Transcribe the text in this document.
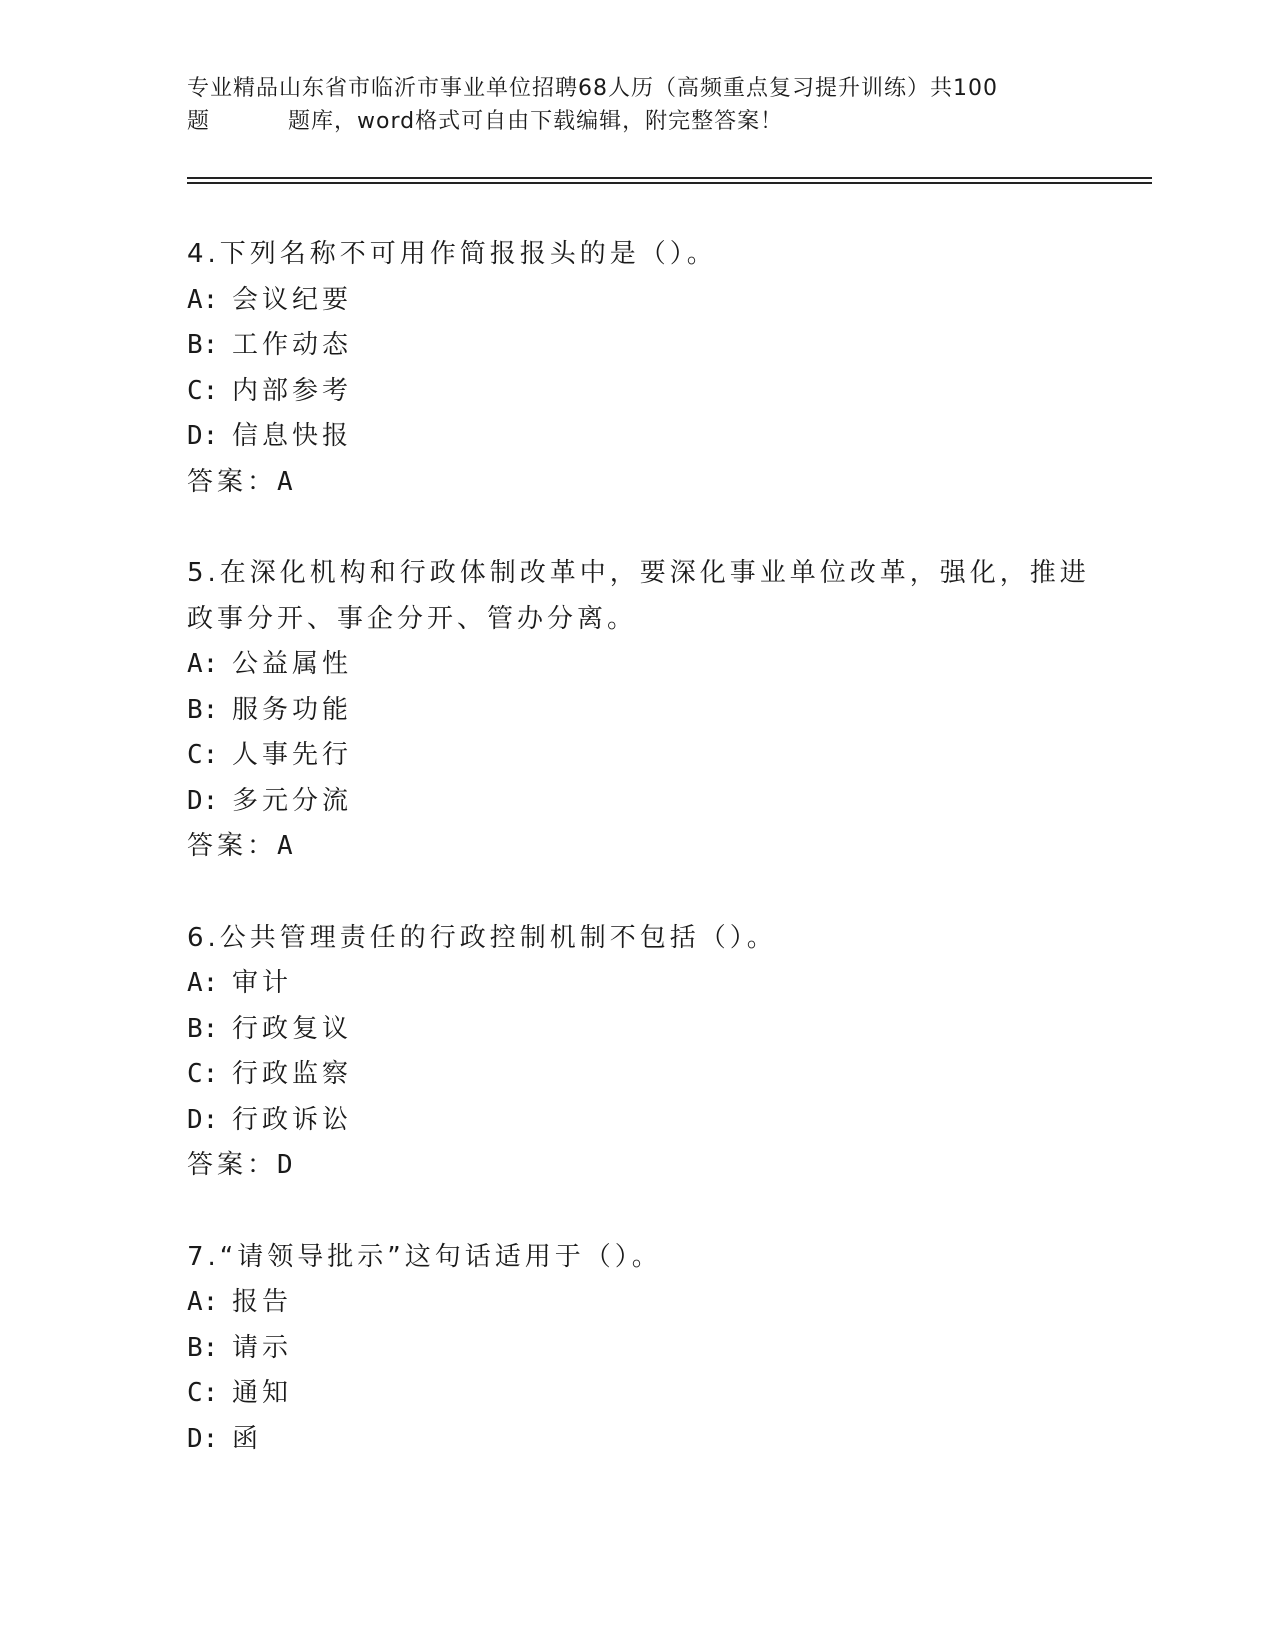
专业精品山东省市临沂市事业单位招聘68人历（高频重点复习提升训练）共100
题	题库，word格式可自由下载编辑，附完整答案！
4.下列名称不可用作简报报头的是（）。
A: 会议纪要
B: 工作动态
C: 内部参考
D: 信息快报
答案：A
5.在深化机构和行政体制改革中，要深化事业单位改革，强化，推进
政事分开、事企分开、管办分离。
A: 公益属性
B: 服务功能
C: 人事先行
D: 多元分流
答案：A
6.公共管理责任的行政控制机制不包括（）。
A: 审计
B: 行政复议
C: 行政监察
D: 行政诉讼
答案：D
7.“请领导批示”这句话适用于（）。
A: 报告
B: 请示
C: 通知
D: 函
